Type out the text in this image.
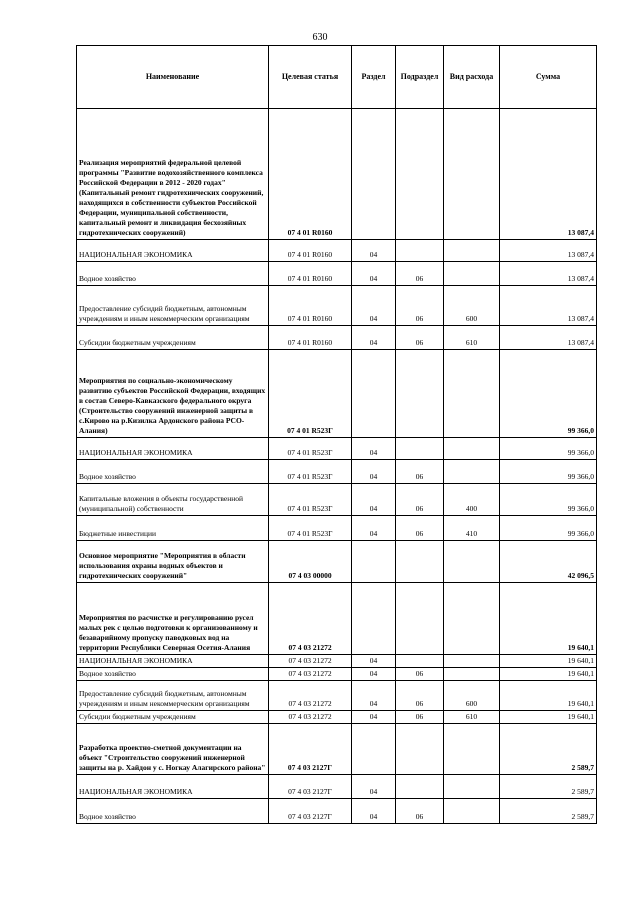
630
Наименование	Целевая статья	Раздел	Подраздел	Вид расхода	Сумма
Реализация мероприятий федеральной целевой программы "Развитие водохозяйственного комплекса Российской Федерации в 2012 - 2020 годах" (Капитальный ремонт гидротехнических сооружений, находящихся в собственности субъектов Российской Федерации, муниципальной собственности, капитальный ремонт и ликвидация бесхозяйных гидротехнических сооружений)	07 4 01 R0160				13 087,4
НАЦИОНАЛЬНАЯ ЭКОНОМИКА	07 4 01 R0160	04			13 087,4
Водное хозяйство	07 4 01 R0160	04	06		13 087,4
Предоставление субсидий бюджетным, автономным учреждениям и иным некоммерческим организациям	07 4 01 R0160	04	06	600	13 087,4
Субсидии бюджетным учреждениям	07 4 01 R0160	04	06	610	13 087,4
Мероприятия по социально-экономическому развитию субъектов Российской Федерации, входящих в состав Северо-Кавказского федерального округа (Строительство сооружений инженерной защиты в с.Кирово на р.Кизилка Ардонского района РСО-Алания)	07 4 01 R523Г				99 366,0
НАЦИОНАЛЬНАЯ ЭКОНОМИКА	07 4 01 R523Г	04			99 366,0
Водное хозяйство	07 4 01 R523Г	04	06		99 366,0
Капитальные вложения в объекты государственной (муниципальной) собственности	07 4 01 R523Г	04	06	400	99 366,0
Бюджетные инвестиции	07 4 01 R523Г	04	06	410	99 366,0
Основное мероприятие "Мероприятия в области использования охраны водных объектов и гидротехнических сооружений"	07 4 03 00000				42 096,5
Мероприятия по расчистке и регулированию русел малых рек с целью подготовки к организованному и безаварийному пропуску паводковых вод на территории Республики Северная Осетия-Алания	07 4 03 21272				19 640,1
НАЦИОНАЛЬНАЯ ЭКОНОМИКА	07 4 03 21272	04			19 640,1
Водное хозяйство	07 4 03 21272	04	06		19 640,1
Предоставление субсидий бюджетным, автономным учреждениям и иным некоммерческим организациям	07 4 03 21272	04	06	600	19 640,1
Субсидии бюджетным учреждениям	07 4 03 21272	04	06	610	19 640,1
Разработка проектно-сметной документации на объект "Строительство сооружений инженерной защиты на р. Хайдон у с. Ногкау Алагирского района"	07 4 03 2127Г				2 589,7
НАЦИОНАЛЬНАЯ ЭКОНОМИКА	07 4 03 2127Г	04			2 589,7
Водное хозяйство	07 4 03 2127Г	04	06		2 589,7
